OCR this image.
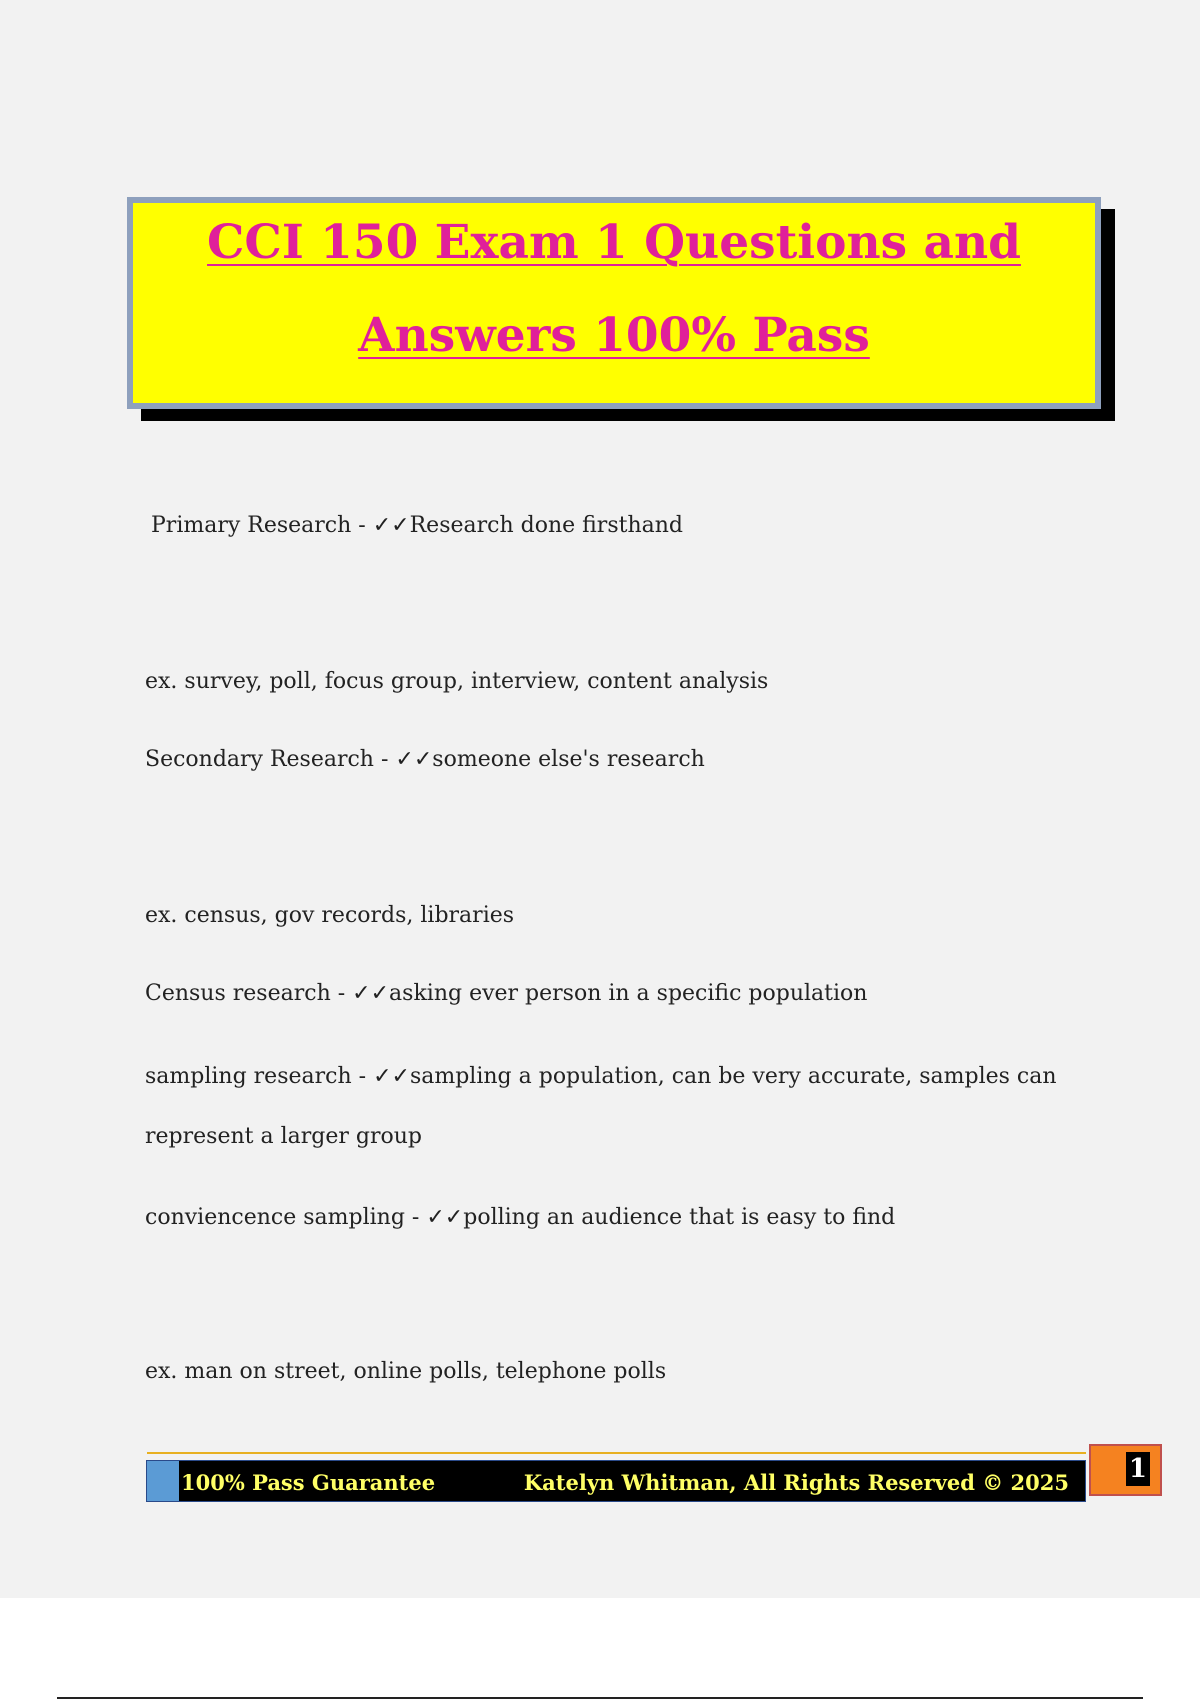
CCI 150 Exam 1 Questions and
Answers 100% Pass

Primary Research - ✓✓Research done firsthand

ex. survey, poll, focus group, interview, content analysis

Secondary Research - ✓✓someone else's research

ex. census, gov records, libraries

Census research - ✓✓asking ever person in a specific population

sampling research - ✓✓sampling a population, can be very accurate, samples can represent a larger group

conviencence sampling - ✓✓polling an audience that is easy to find

ex. man on street, online polls, telephone polls

100% Pass Guarantee	Katelyn Whitman, All Rights Reserved © 2025 1
